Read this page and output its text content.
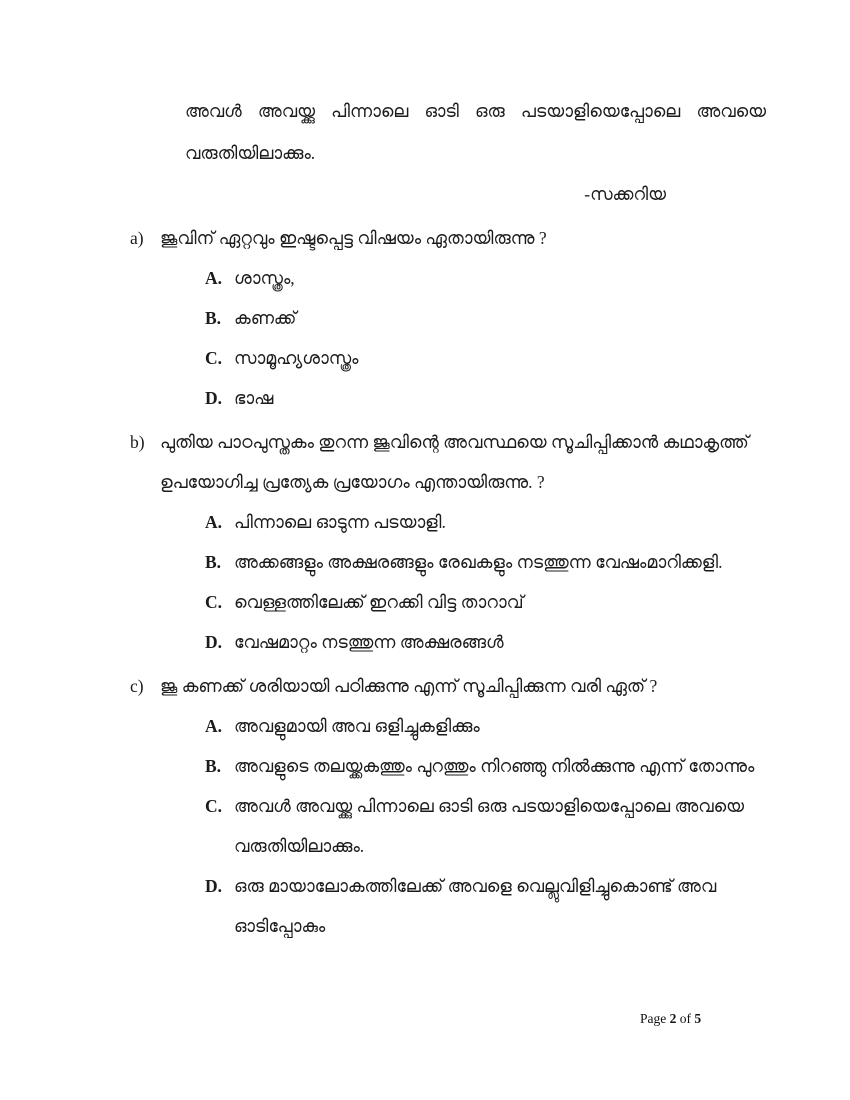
അവൾ അവയ്ക്കു പിന്നാലെ ഓടി ഒരു പടയാളിയെപ്പോലെ അവയെ വരുതിയിലാക്കും.

-സക്കറിയ

a) ജൂവിന് ഏറ്റവും ഇഷ്ടപ്പെട്ട വിഷയം ഏതായിരുന്നു ?
A. ശാസ്ത്രം,
B. കണക്ക്
C. സാമൂഹ്യശാസ്ത്രം
D. ഭാഷ
b) പുതിയ പാഠപുസ്തകം തുറന്ന ജൂവിന്റെ അവസ്ഥയെ സൂചിപ്പിക്കാൻ കഥാകൃത്ത് ഉപയോഗിച്ച പ്രത്യേക പ്രയോഗം എന്തായിരുന്നു. ?
A. പിന്നാലെ ഓടുന്ന പടയാളി.
B. അക്കങ്ങളും അക്ഷരങ്ങളും രേഖകളും നടത്തുന്ന വേഷംമാറിക്കളി.
C. വെള്ളത്തിലേക്ക് ഇറക്കി വിട്ട താറാവ്
D. വേഷമാറ്റം നടത്തുന്ന അക്ഷരങ്ങൾ
c) ജൂ കണക്ക് ശരിയായി പഠിക്കുന്നു എന്ന് സൂചിപ്പിക്കുന്ന വരി ഏത് ?
A. അവളുമായി അവ ഒളിച്ചുകളിക്കും
B. അവളുടെ തലയ്ക്കകത്തും പുറത്തും നിറഞ്ഞു നിൽക്കുന്നു എന്ന് തോന്നും
C. അവൾ അവയ്ക്കു പിന്നാലെ ഓടി ഒരു പടയാളിയെപ്പോലെ അവയെ വരുതിയിലാക്കും.
D. ഒരു മായാലോകത്തിലേക്ക് അവളെ വെല്ലുവിളിച്ചുകൊണ്ട് അവ ഓടിപ്പോകും
Page 2 of 5
